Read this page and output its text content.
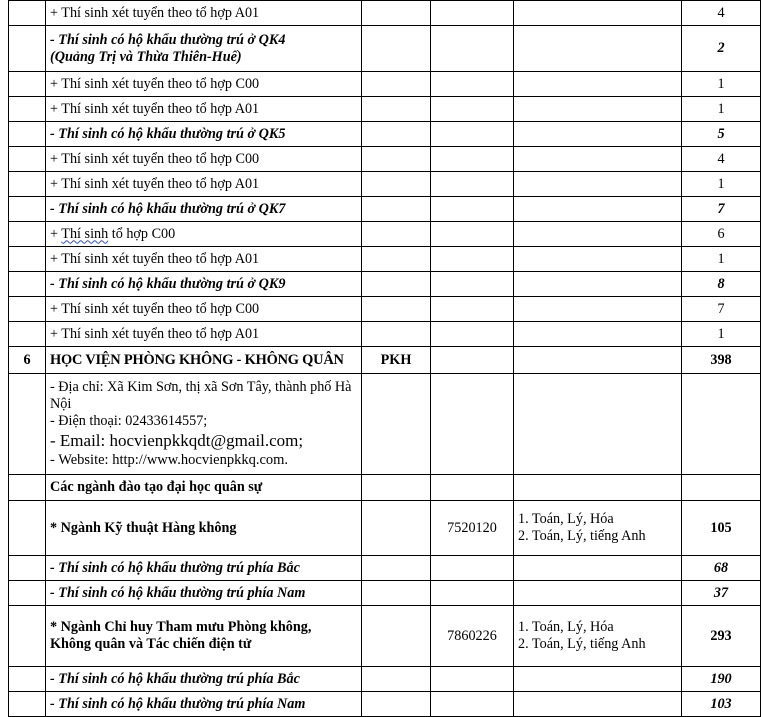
	+ Thí sinh xét tuyển theo tổ hợp A01				4
	- Thí sinh có hộ khẩu thường trú ở QK4
(Quảng Trị và Thừa Thiên-Huế)				2
	+ Thí sinh xét tuyển theo tổ hợp C00				1
	+ Thí sinh xét tuyển theo tổ hợp A01				1
	- Thí sinh có hộ khẩu thường trú ở QK5				5
	+ Thí sinh xét tuyển theo tổ hợp C00				4
	+ Thí sinh xét tuyển theo tổ hợp A01				1
	- Thí sinh có hộ khẩu thường trú ở QK7				7
	+ Thí sinh tổ hợp C00				6
	+ Thí sinh xét tuyển theo tổ hợp A01				1
	- Thí sinh có hộ khẩu thường trú ở QK9				8
	+ Thí sinh xét tuyển theo tổ hợp C00				7
	+ Thí sinh xét tuyển theo tổ hợp A01				1
6	HỌC VIỆN PHÒNG KHÔNG - KHÔNG QUÂN	PKH			398

	- Địa chỉ: Xã Kim Sơn, thị xã Sơn Tây, thành phố Hà Nội
- Điện thoại: 02433614557;
- Email: hocvienpkkqdt@gmail.com;
- Website: http://www.hocvienpkkq.com.				

	Các ngành đào tạo đại học quân sự				
	* Ngành Kỹ thuật Hàng không		7520120	1. Toán, Lý, Hóa
2. Toán, Lý, tiếng Anh	105
	- Thí sinh có hộ khẩu thường trú phía Bắc				68
	- Thí sinh có hộ khẩu thường trú phía Nam				37
	* Ngành Chỉ huy Tham mưu Phòng không,
Không quân và Tác chiến điện tử		7860226	1. Toán, Lý, Hóa
2. Toán, Lý, tiếng Anh	293
	- Thí sinh có hộ khẩu thường trú phía Bắc				190
	- Thí sinh có hộ khẩu thường trú phía Nam				103
